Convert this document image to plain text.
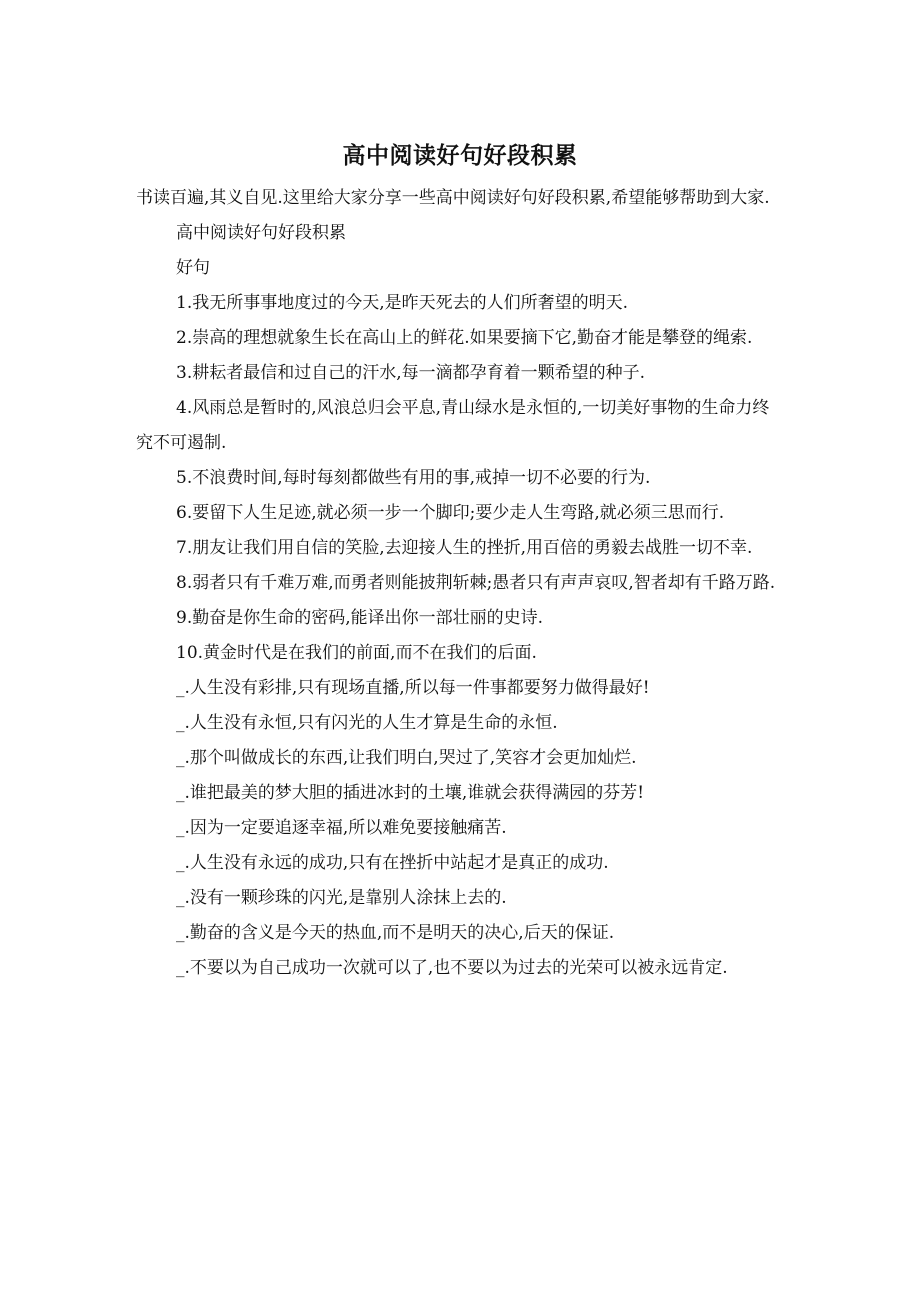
高中阅读好句好段积累

书读百遍,其义自见.这里给大家分享一些高中阅读好句好段积累,希望能够帮助到大家.

高中阅读好句好段积累

好句

1.我无所事事地度过的今天,是昨天死去的人们所奢望的明天.

2.崇高的理想就象生长在高山上的鲜花.如果要摘下它,勤奋才能是攀登的绳索.

3.耕耘者最信和过自己的汗水,每一滴都孕育着一颗希望的种子.

4.风雨总是暂时的,风浪总归会平息,青山绿水是永恒的,一切美好事物的生命力终究不可遏制.

5.不浪费时间,每时每刻都做些有用的事,戒掉一切不必要的行为.

6.要留下人生足迹,就必须一步一个脚印;要少走人生弯路,就必须三思而行.

7.朋友让我们用自信的笑脸,去迎接人生的挫折,用百倍的勇毅去战胜一切不幸.

8.弱者只有千难万难,而勇者则能披荆斩棘;愚者只有声声哀叹,智者却有千路万路.

9.勤奋是你生命的密码,能译出你一部壮丽的史诗.

10.黄金时代是在我们的前面,而不在我们的后面.

_.人生没有彩排,只有现场直播,所以每一件事都要努力做得最好!

_.人生没有永恒,只有闪光的人生才算是生命的永恒.

_.那个叫做成长的东西,让我们明白,哭过了,笑容才会更加灿烂.

_.谁把最美的梦大胆的插进冰封的土壤,谁就会获得满园的芬芳!

_.因为一定要追逐幸福,所以难免要接触痛苦.

_.人生没有永远的成功,只有在挫折中站起才是真正的成功.

_.没有一颗珍珠的闪光,是靠别人涂抹上去的.

_.勤奋的含义是今天的热血,而不是明天的决心,后天的保证.

_.不要以为自己成功一次就可以了,也不要以为过去的光荣可以被永远肯定.
